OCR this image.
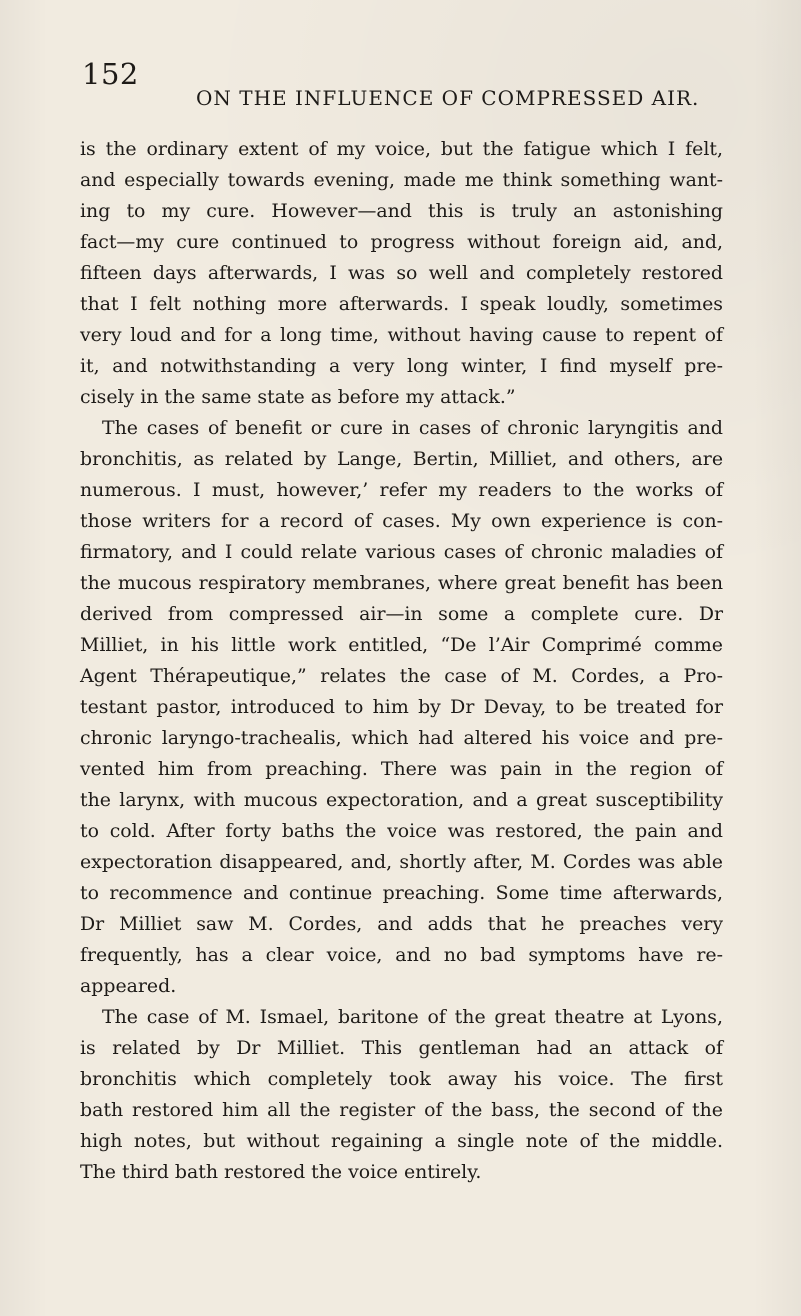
152
ON THE INFLUENCE OF COMPRESSED AIR.
is the ordinary extent of my voice, but the fatigue which I felt,
and especially towards evening, made me think something want-
ing to my cure. However—and this is truly an astonishing
fact—my cure continued to progress without foreign aid, and,
fifteen days afterwards, I was so well and completely restored
that I felt nothing more afterwards. I speak loudly, sometimes
very loud and for a long time, without having cause to repent of
it, and notwithstanding a very long winter, I find myself pre-
cisely in the same state as before my attack.”
The cases of benefit or cure in cases of chronic laryngitis and
bronchitis, as related by Lange, Bertin, Milliet, and others, are
numerous. I must, however,’ refer my readers to the works of
those writers for a record of cases. My own experience is con-
firmatory, and I could relate various cases of chronic maladies of
the mucous respiratory membranes, where great benefit has been
derived from compressed air—in some a complete cure. Dr
Milliet, in his little work entitled, “De l’Air Comprimé comme
Agent Thérapeutique,” relates the case of M. Cordes, a Pro-
testant pastor, introduced to him by Dr Devay, to be treated for
chronic laryngo-trachealis, which had altered his voice and pre-
vented him from preaching. There was pain in the region of
the larynx, with mucous expectoration, and a great susceptibility
to cold. After forty baths the voice was restored, the pain and
expectoration disappeared, and, shortly after, M. Cordes was able
to recommence and continue preaching. Some time afterwards,
Dr Milliet saw M. Cordes, and adds that he preaches very
frequently, has a clear voice, and no bad symptoms have re-
appeared.
The case of M. Ismael, baritone of the great theatre at Lyons,
is related by Dr Milliet. This gentleman had an attack of
bronchitis which completely took away his voice. The first
bath restored him all the register of the bass, the second of the
high notes, but without regaining a single note of the middle.
The third bath restored the voice entirely.
